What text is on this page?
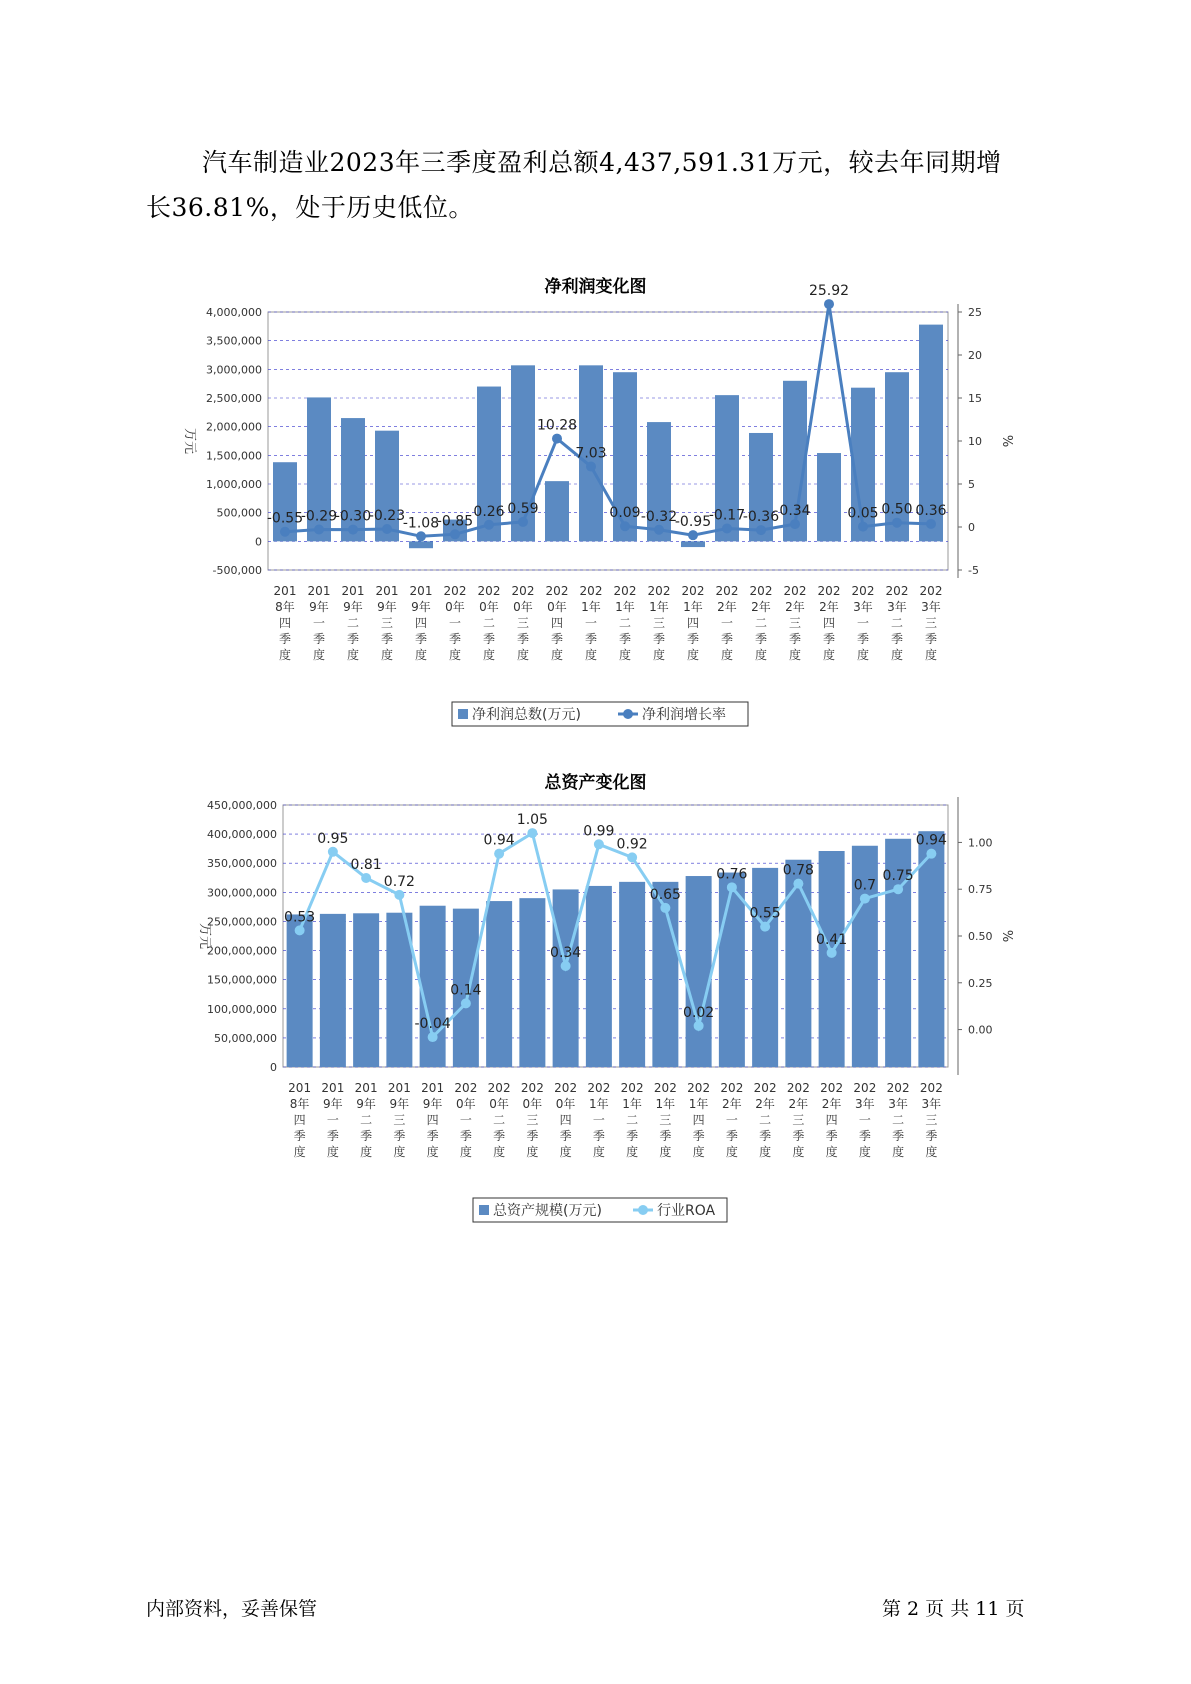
汽车制造业2023年三季度盈利总额4,437,591.31万元，较去年同期增
长36.81%，处于历史低位。
净利润变化图
4,000,000
3,500,000
3,000,000
2,500,000
2,000,000
1,500,000
1,000,000
500,000
0
-500,000
万元
25
20
15
10
5
0
-5
%
-0.55
-0.29
-0.30
-0.23
-1.08
-0.85
0.26 0.59
10.28
7.03
0.09 -0.32
-0.95
-0.17
-0.36 0.34
25.92
0.05 0.50 0.36
201 8年四季度
201 9年一季度
201 9年二季度
201 9年三季度
201 9年四季度
202 0年一季度
202 0年二季度
202 0年三季度
202 0年四季度
202 1年一季度
202 1年二季度
202 1年三季度
202 1年四季度
202 2年一季度
202 2年二季度
202 2年三季度
202 2年四季度
202 3年一季度
202 3年二季度
202 3年三季度
净利润总数(万元)	净利润增长率
总资产变化图
450,000,000
400,000,000
350,000,000
300,000,000
250,000,000
200,000,000
150,000,000
100,000,000
50,000,000
0
万元
1.00
0.75
0.50
0.25
0.00
%
0.53
0.95
0.81
0.72
-0.04
0.14
0.94
1.05
0.34
0.99
0.92
0.65
0.02
0.76
0.55
0.78
0.41
0.7
0.75
0.94
201 8年四季度
201 9年一季度
201 9年二季度
201 9年三季度
201 9年四季度
202 0年一季度
202 0年二季度
202 0年三季度
202 0年四季度
202 1年一季度
202 1年二季度
202 1年三季度
202 1年四季度
202 2年一季度
202 2年二季度
202 2年三季度
202 2年四季度
202 3年一季度
202 3年二季度
202 3年三季度
总资产规模(万元)	行业ROA
内部资料，妥善保管	第 2 页 共 11 页
